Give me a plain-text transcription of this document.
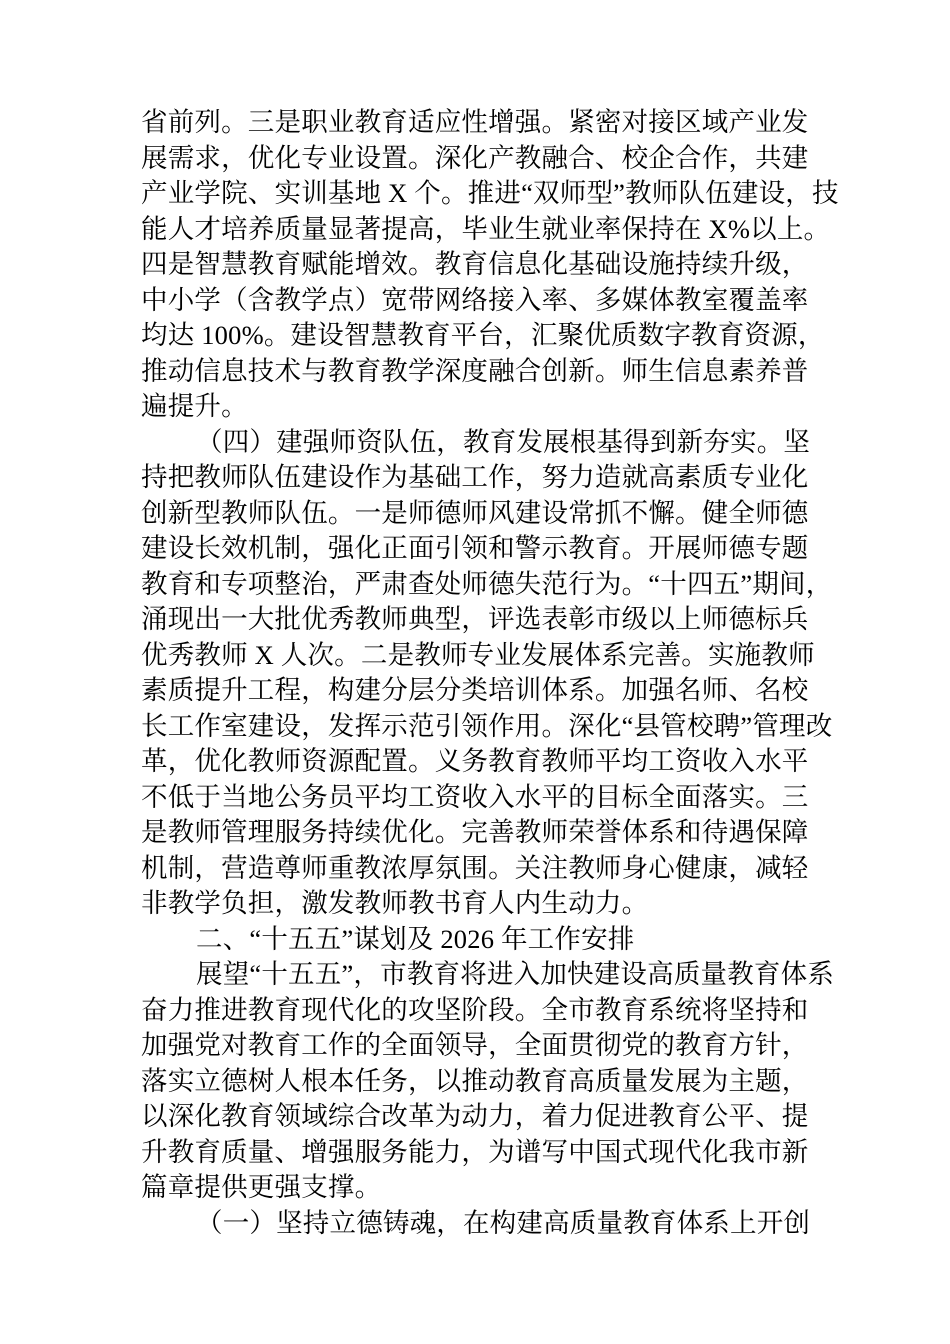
省前列。三是职业教育适应性增强。紧密对接区域产业发
展需求，优化专业设置。深化产教融合、校企合作，共建
产业学院、实训基地 X 个。推进“双师型”教师队伍建设，技
能人才培养质量显著提高，毕业生就业率保持在 X%以上。
四是智慧教育赋能增效。教育信息化基础设施持续升级，
中小学（含教学点）宽带网络接入率、多媒体教室覆盖率
均达 100%。建设智慧教育平台，汇聚优质数字教育资源，
推动信息技术与教育教学深度融合创新。师生信息素养普
遍提升。
（四）建强师资队伍，教育发展根基得到新夯实。坚
持把教师队伍建设作为基础工作，努力造就高素质专业化
创新型教师队伍。一是师德师风建设常抓不懈。健全师德
建设长效机制，强化正面引领和警示教育。开展师德专题
教育和专项整治，严肃查处师德失范行为。“十四五”期间，
涌现出一大批优秀教师典型，评选表彰市级以上师德标兵
优秀教师 X 人次。二是教师专业发展体系完善。实施教师
素质提升工程，构建分层分类培训体系。加强名师、名校
长工作室建设，发挥示范引领作用。深化“县管校聘”管理改
革，优化教师资源配置。义务教育教师平均工资收入水平
不低于当地公务员平均工资收入水平的目标全面落实。三
是教师管理服务持续优化。完善教师荣誉体系和待遇保障
机制，营造尊师重教浓厚氛围。关注教师身心健康，减轻
非教学负担，激发教师教书育人内生动力。
二、“十五五”谋划及 2026 年工作安排
展望“十五五”，市教育将进入加快建设高质量教育体系
奋力推进教育现代化的攻坚阶段。全市教育系统将坚持和
加强党对教育工作的全面领导，全面贯彻党的教育方针，
落实立德树人根本任务，以推动教育高质量发展为主题，
以深化教育领域综合改革为动力，着力促进教育公平、提
升教育质量、增强服务能力，为谱写中国式现代化我市新
篇章提供更强支撑。
（一）坚持立德铸魂，在构建高质量教育体系上开创
